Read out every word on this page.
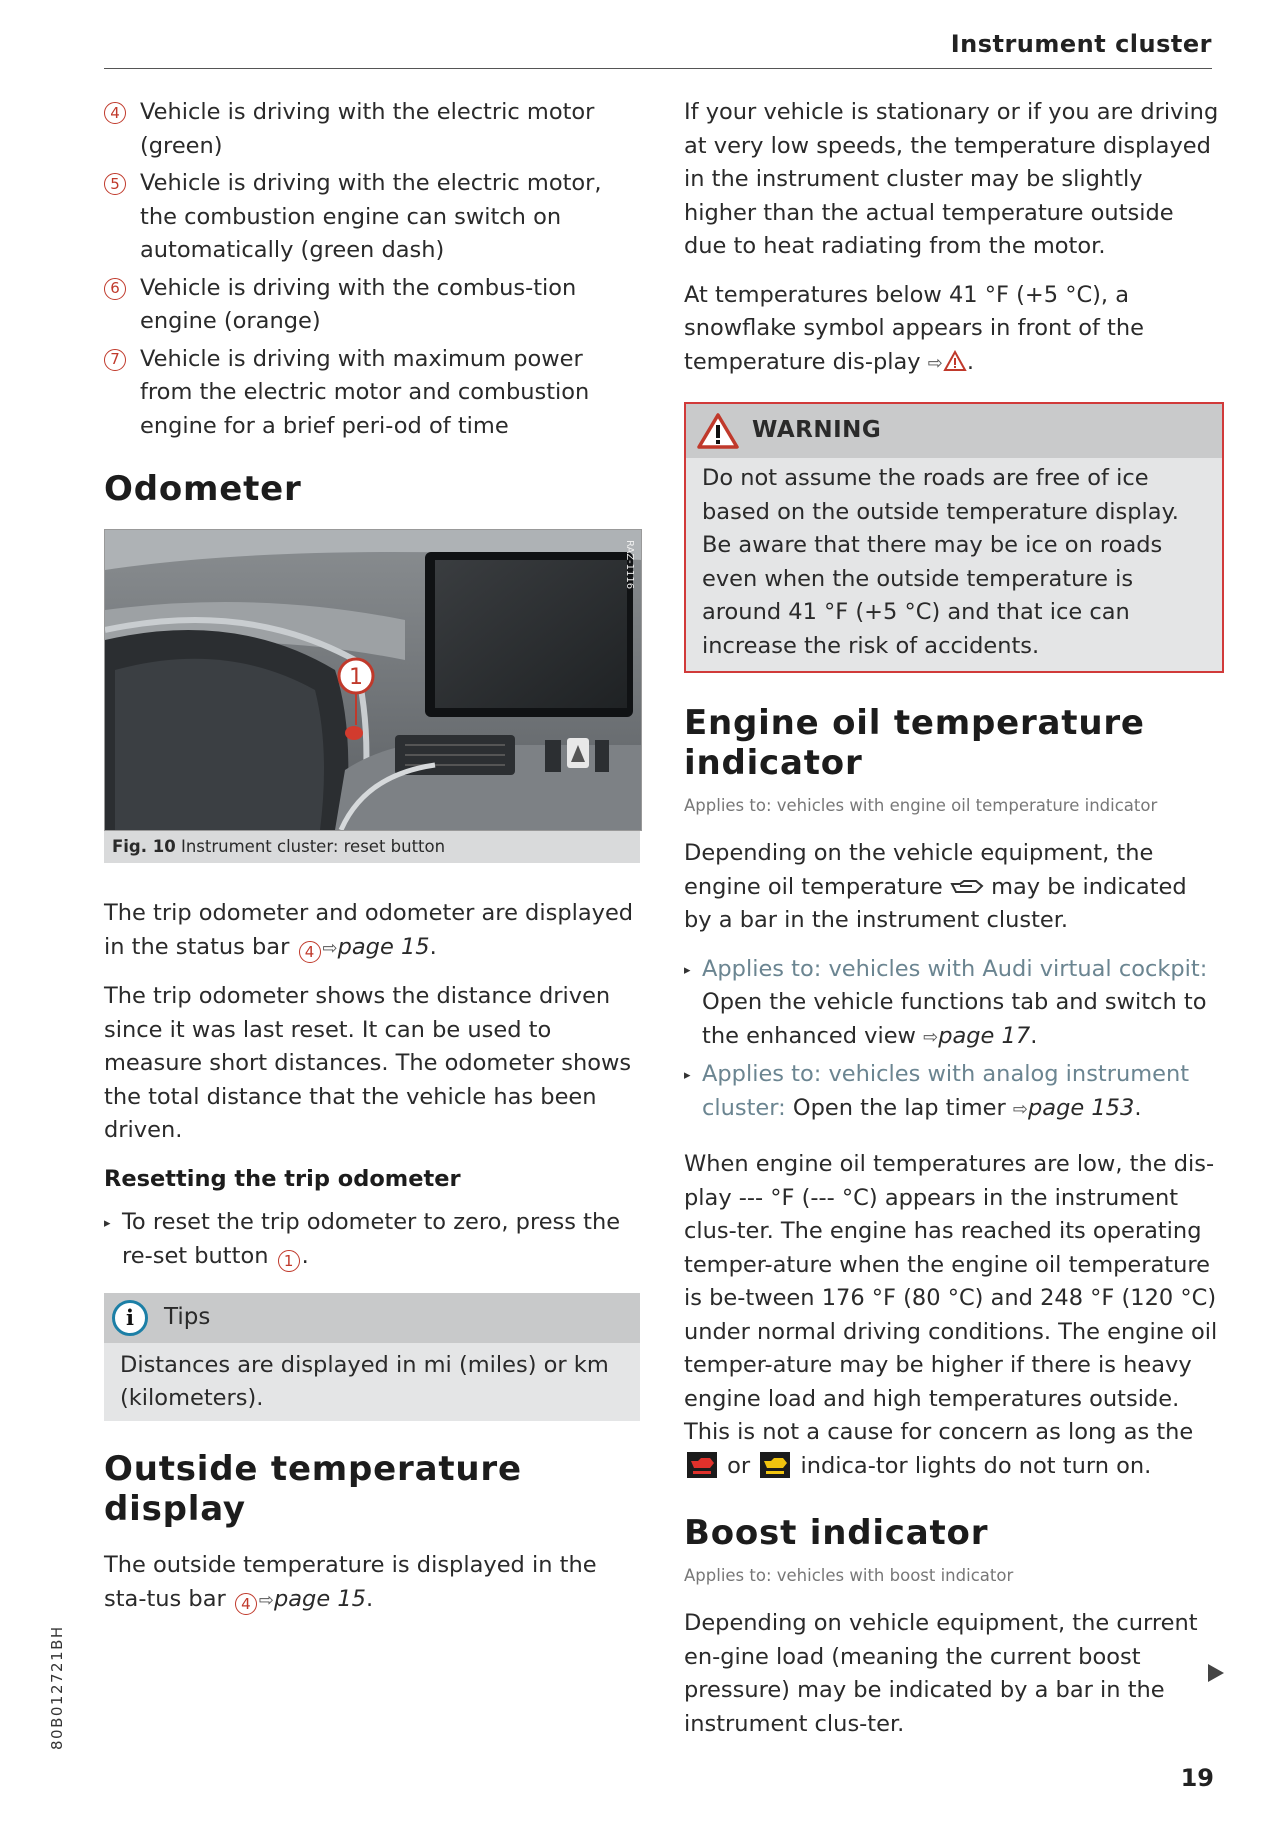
Instrument cluster
4 Vehicle is driving with the electric motor (green)
5 Vehicle is driving with the electric motor, the combustion engine can switch on automatically (green dash)
6 Vehicle is driving with the combus-tion engine (orange)
7 Vehicle is driving with maximum power from the electric motor and combustion engine for a brief peri-od of time
Odometer
1
RAZ-1116
Fig. 10 Instrument cluster: reset button

The trip odometer and odometer are displayed in the status bar 4 ⇨page 15.

The trip odometer shows the distance driven since it was last reset. It can be used to measure short distances. The odometer shows the total distance that the vehicle has been driven.

Resetting the trip odometer
▸ To reset the trip odometer to zero, press the re-set button 1 .
i	Tips
Distances are displayed in mi (miles) or km (kilometers).
Outside temperature display

The outside temperature is displayed in the sta-tus bar 4 ⇨page 15.

If your vehicle is stationary or if you are driving at very low speeds, the temperature displayed in the instrument cluster may be slightly higher than the actual temperature outside due to heat radiating from the motor.

At temperatures below 41 °F (+5 °C), a snowflake symbol appears in front of the temperature dis-play ⇨ .

WARNING
Do not assume the roads are free of ice based on the outside temperature display. Be aware that there may be ice on roads even when the outside temperature is around 41 °F (+5 °C) and that ice can increase the risk of accidents.
Engine oil temperature indicator
Applies to: vehicles with engine oil temperature indicator

Depending on the vehicle equipment, the engine oil temperature may be indicated by a bar in the instrument cluster.

▸ Applies to: vehicles with Audi virtual cockpit: Open the vehicle functions tab and switch to the enhanced view ⇨page 17.
▸ Applies to: vehicles with analog instrument cluster: Open the lap timer ⇨page 153.

When engine oil temperatures are low, the dis-play --- °F (--- °C) appears in the instrument clus-ter. The engine has reached its operating temper-ature when the engine oil temperature is be-tween 176 °F (80 °C) and 248 °F (120 °C) under normal driving conditions. The engine oil temper-ature may be higher if there is heavy engine load and high temperatures outside. This is not a cause for concern as long as the  or indica-tor lights do not turn on.

Boost indicator
Applies to: vehicles with boost indicator

Depending on vehicle equipment, the current en-gine load (meaning the current boost pressure) may be indicated by a bar in the instrument clus-ter.

80B012721BH
19
